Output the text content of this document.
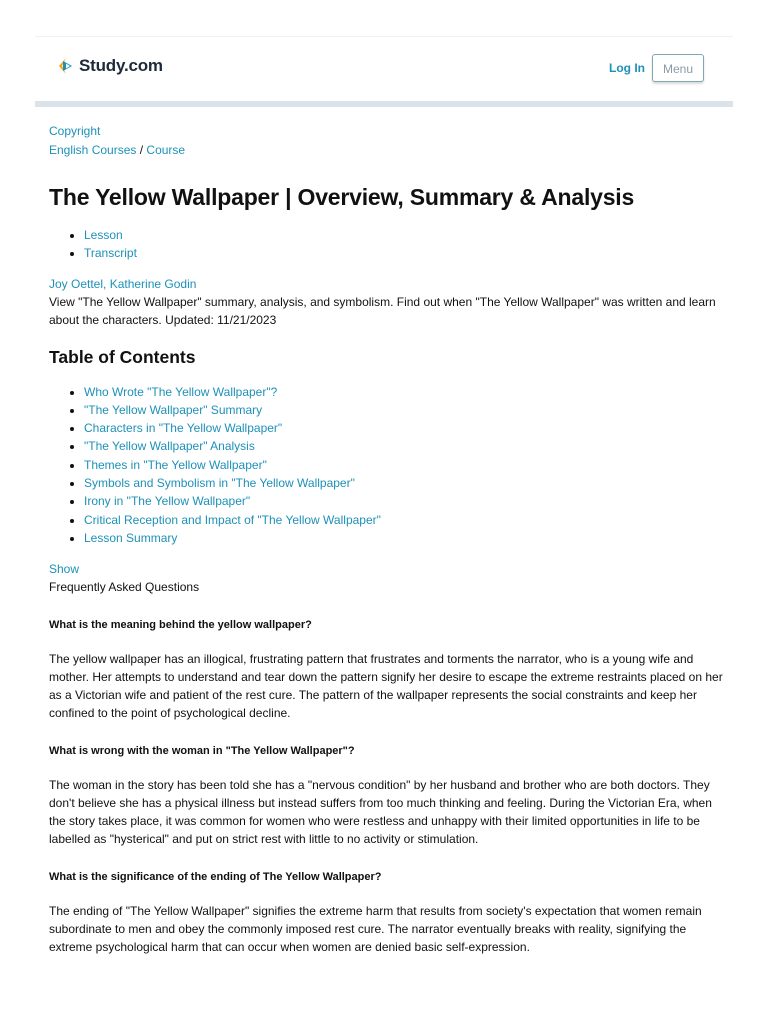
Study.com	Log In	Menu
Copyright
English Courses / Course
The Yellow Wallpaper | Overview, Summary & Analysis
• Lesson
• Transcript
Joy Oettel, Katherine Godin

View "The Yellow Wallpaper" summary, analysis, and symbolism. Find out when "The Yellow Wallpaper" was written and learn about the characters. Updated: 11/21/2023

Table of Contents
• Who Wrote "The Yellow Wallpaper"?
• "The Yellow Wallpaper" Summary
• Characters in "The Yellow Wallpaper"
• "The Yellow Wallpaper" Analysis
• Themes in "The Yellow Wallpaper"
• Symbols and Symbolism in "The Yellow Wallpaper"
• Irony in "The Yellow Wallpaper"
• Critical Reception and Impact of "The Yellow Wallpaper"
• Lesson Summary
Show
Frequently Asked Questions

What is the meaning behind the yellow wallpaper?

The yellow wallpaper has an illogical, frustrating pattern that frustrates and torments the narrator, who is a young wife and mother. Her attempts to understand and tear down the pattern signify her desire to escape the extreme restraints placed on her as a Victorian wife and patient of the rest cure. The pattern of the wallpaper represents the social constraints and keep her confined to the point of psychological decline.

What is wrong with the woman in "The Yellow Wallpaper"?

The woman in the story has been told she has a "nervous condition" by her husband and brother who are both doctors. They don't believe she has a physical illness but instead suffers from too much thinking and feeling. During the Victorian Era, when the story takes place, it was common for women who were restless and unhappy with their limited opportunities in life to be labelled as "hysterical" and put on strict rest with little to no activity or stimulation.

What is the significance of the ending of The Yellow Wallpaper?

The ending of "The Yellow Wallpaper" signifies the extreme harm that results from society's expectation that women remain subordinate to men and obey the commonly imposed rest cure. The narrator eventually breaks with reality, signifying the extreme psychological harm that can occur when women are denied basic self-expression.
